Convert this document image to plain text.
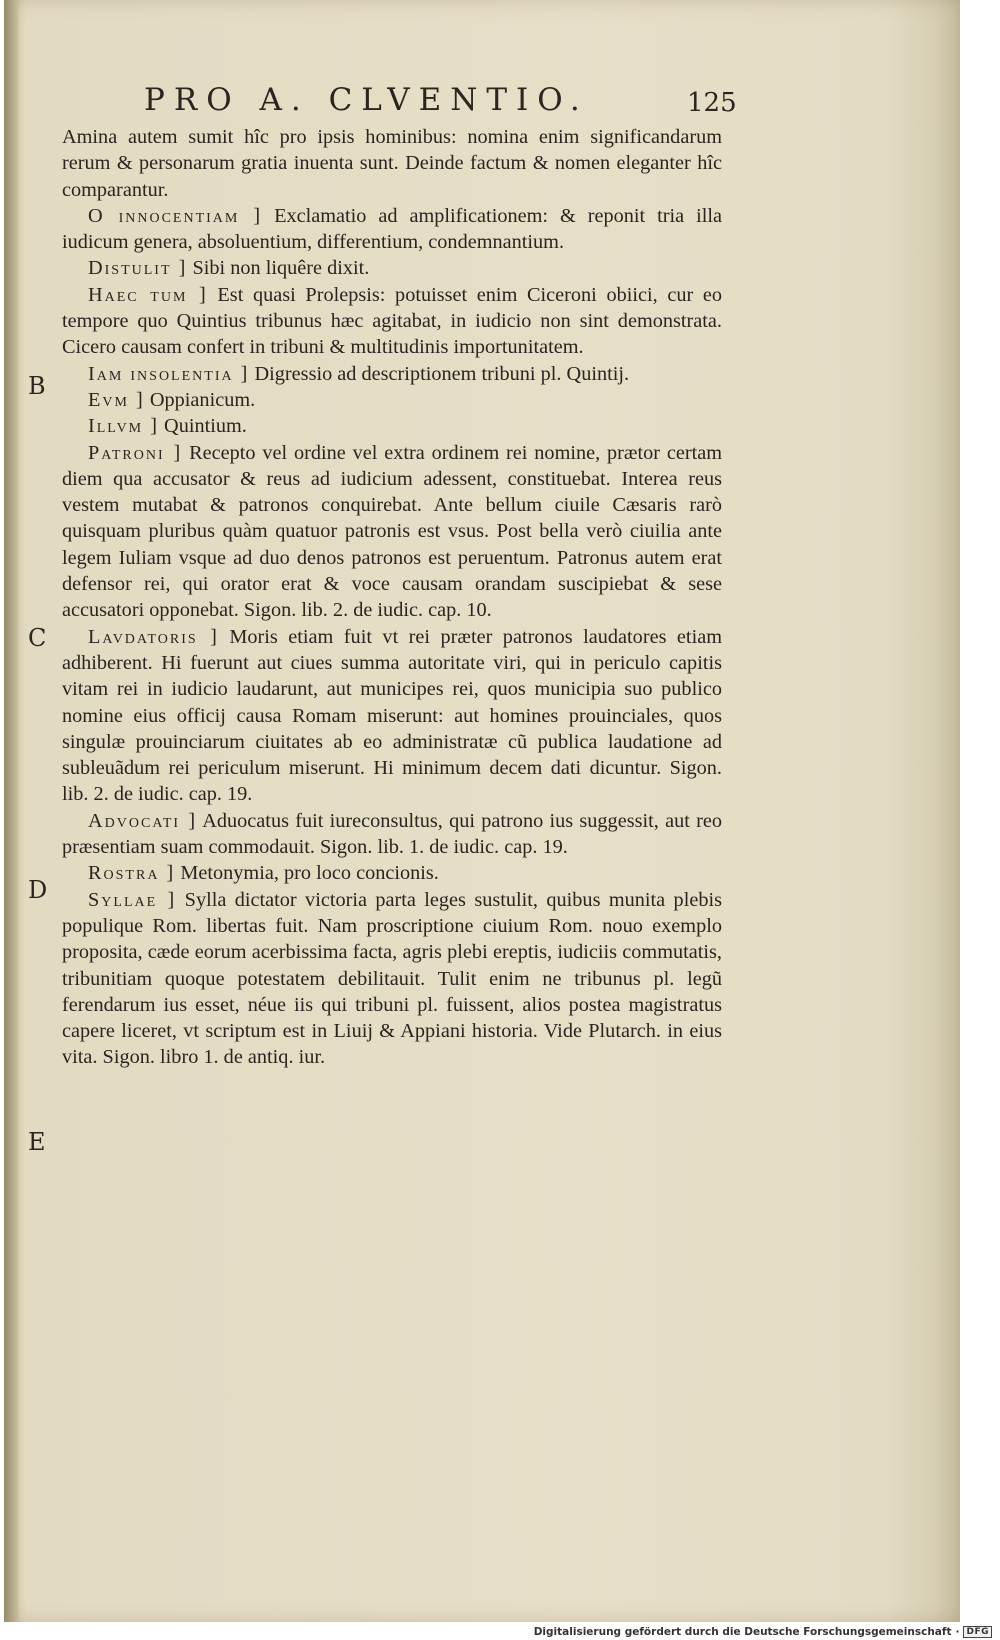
PRO A. CLVENTIO.	125
B
C
D
E

Amina autem sumit hîc pro ipsis hominibus: nomina enim significandarum rerum & personarum gratia inuenta sunt. Deinde factum & nomen eleganter hîc comparantur.

O innocentiam ] Exclamatio ad amplificationem: & reponit tria illa iudicum genera, absoluentium, differentium, condemnantium.

Distulit ] Sibi non liquêre dixit.

Haec tum ] Est quasi Prolepsis: potuisset enim Ciceroni obiici, cur eo tempore quo Quintius tribunus hæc agitabat, in iudicio non sint demonstrata. Cicero causam confert in tribuni & multitudinis importunitatem.

Iam insolentia ] Digressio ad descriptionem tribuni pl. Quintij.

Evm ] Oppianicum.

Illvm ] Quintium.

Patroni ] Recepto vel ordine vel extra ordinem rei nomine, prætor certam diem qua accusator & reus ad iudicium adessent, constituebat. Interea reus vestem mutabat & patronos conquirebat. Ante bellum ciuile Cæsaris rarò quisquam pluribus quàm quatuor patronis est vsus. Post bella verò ciuilia ante legem Iuliam vsque ad duo denos patronos est peruentum. Patronus autem erat defensor rei, qui orator erat & voce causam orandam suscipiebat & sese accusatori opponebat. Sigon. lib. 2. de iudic. cap. 10.

Lavdatoris ] Moris etiam fuit vt rei præter patronos laudatores etiam adhiberent. Hi fuerunt aut ciues summa autoritate viri, qui in periculo capitis vitam rei in iudicio laudarunt, aut municipes rei, quos municipia suo publico nomine eius officij causa Romam miserunt: aut homines prouinciales, quos singulæ prouinciarum ciuitates ab eo administratæ cũ publica laudatione ad subleuãdum rei periculum miserunt. Hi minimum decem dati dicuntur. Sigon. lib. 2. de iudic. cap. 19.

Advocati ] Aduocatus fuit iureconsultus, qui patrono ius suggessit, aut reo præsentiam suam commodauit. Sigon. lib. 1. de iudic. cap. 19.

Rostra ] Metonymia, pro loco concionis.

Syllae ] Sylla dictator victoria parta leges sustulit, quibus munita plebis populique Rom. libertas fuit. Nam proscriptione ciuium Rom. nouo exemplo proposita, cæde eorum acerbissima facta, agris plebi ereptis, iudiciis commutatis, tribunitiam quoque potestatem debilitauit. Tulit enim ne tribunus pl. legũ ferendarum ius esset, néue iis qui tribuni pl. fuissent, alios postea magistratus capere liceret, vt scriptum est in Liuij & Appiani historia. Vide Plutarch. in eius vita. Sigon. libro 1. de antiq. iur.

Digitalisierung gefördert durch die Deutsche Forschungsgemeinschaft · DFG
